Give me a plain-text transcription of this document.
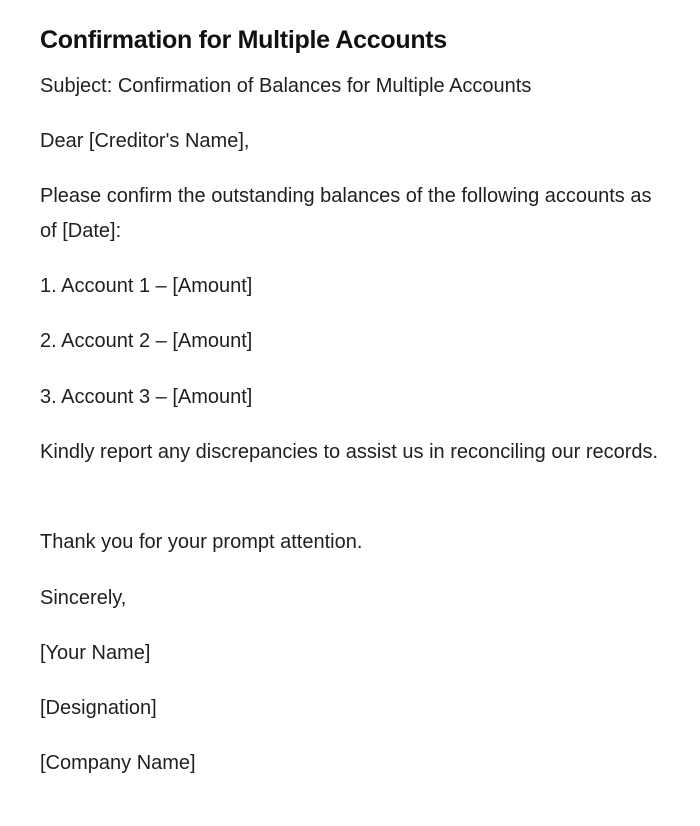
Confirmation for Multiple Accounts

Subject: Confirmation of Balances for Multiple Accounts

Dear [Creditor's Name],

Please confirm the outstanding balances of the following accounts as of [Date]:

1. Account 1 – [Amount]

2. Account 2 – [Amount]

3. Account 3 – [Amount]

Kindly report any discrepancies to assist us in reconciling our records.

Thank you for your prompt attention.

Sincerely,

[Your Name]

[Designation]

[Company Name]
